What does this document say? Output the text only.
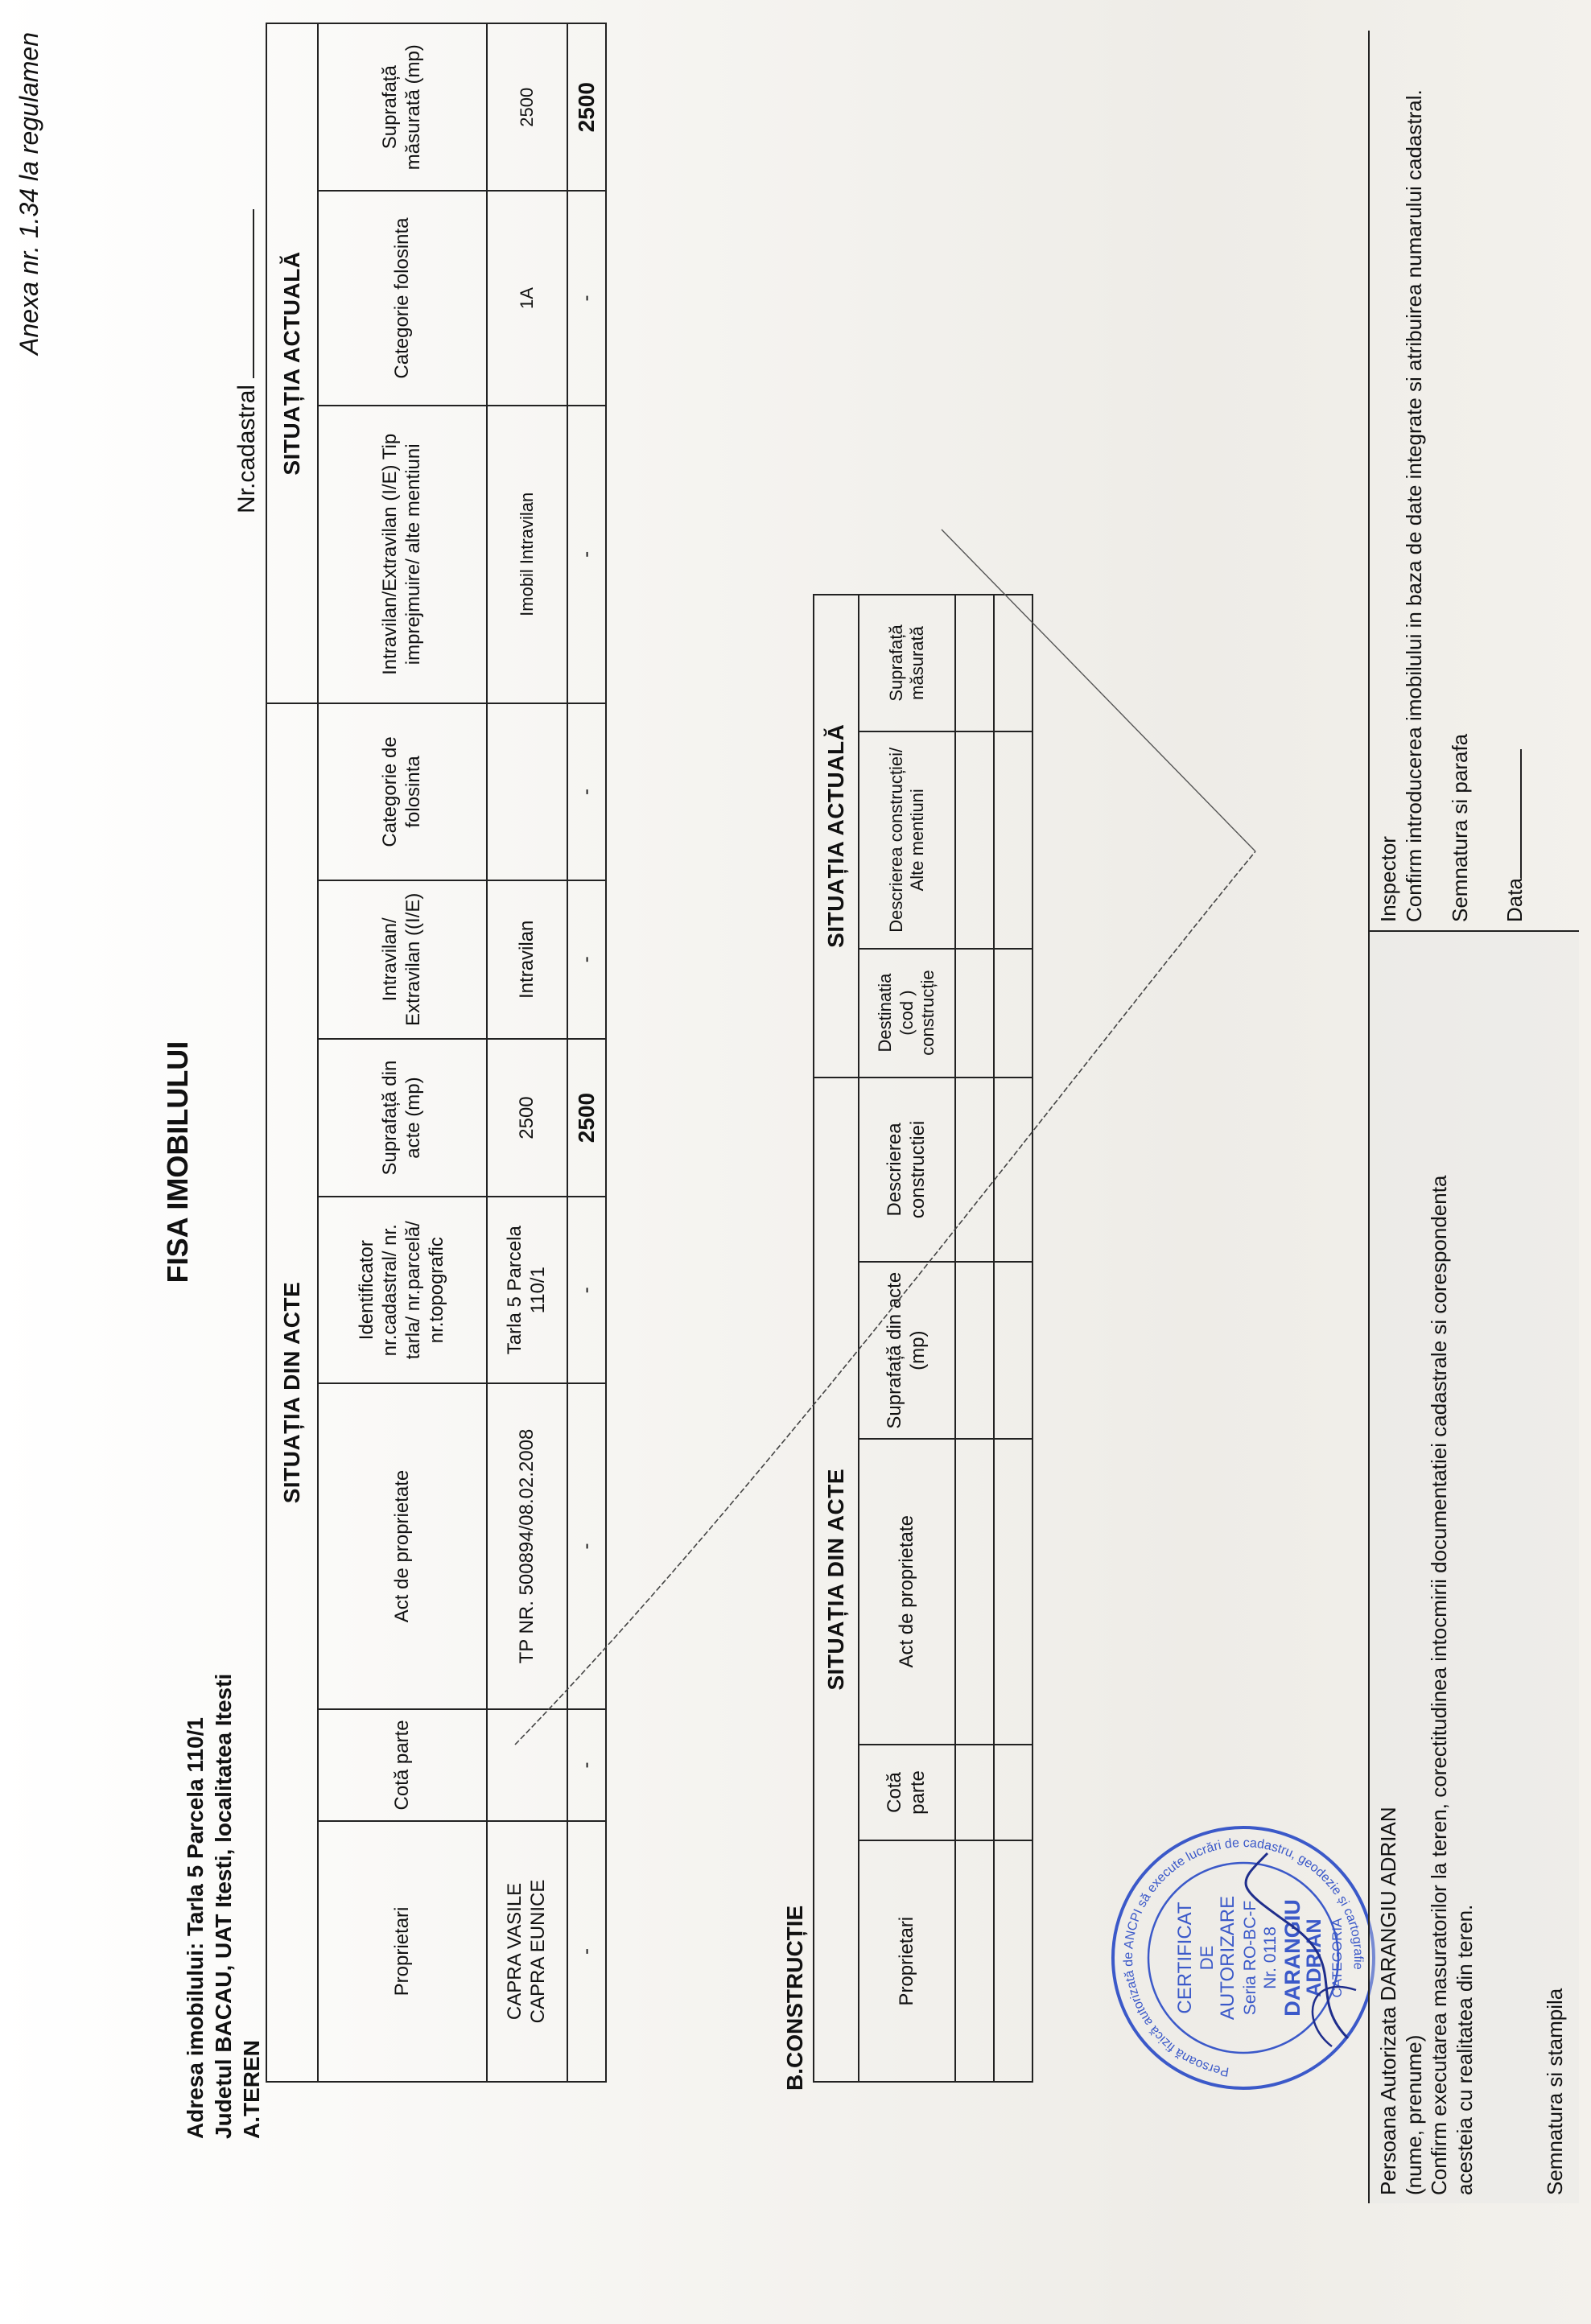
Anexa nr. 1.34 la regulamen
FISA IMOBILULUI
Adresa imobilului: Tarla 5 Parcela 110/1 Judetul BACAU, UAT Itesti, localitatea Itesti A.TEREN
Nr.cadastral
SITUAȚIA DIN ACTE							SITUAȚIA ACTUALĂ		
Proprietari	Cotă parte	Act de proprietate	Identificator nr.cadastral/ nr. tarla/ nr.parcelă/ nr.topografic	Suprafață din acte (mp)	Intravilan/ Extravilan ((I/E)	Categorie de folosinta	Intravilan/Extravilan (I/E) Tip imprejmuire/ alte mentiuni	Categorie folosinta	Suprafață măsurată (mp)
CAPRA VASILE
CAPRA EUNICE		TP NR. 500894/08.02.2008	Tarla 5 Parcela 110/1	2500	Intravilan		Imobil Intravilan	1A	2500
-	-	-	-	2500	-	-	-	-	2500
B.CONSTRUCȚIE
SITUAȚIA DIN ACTE					SITUAȚIA ACTUALĂ		
Proprietari	Cotă parte	Act de proprietate	Suprafață din acte (mp)	Descrierea constructiei	Destinatia (cod ) construcție	Descrierea construcției/ Alte mentiuni	Suprafață măsurată

Persoană fizică autorizată de ANCPI să execute lucrări de cadastru, geodezie și cartografie
CERTIFICAT DE AUTORIZARE Seria RO-BC-F Nr. 0118 DARANGIU
ADRIAN CATEGORIA
Persoana Autorizata DARANGIU ADRIAN
(nume, prenume) Confirm executarea masuratorilor la teren, corectitudinea intocmirii documentatiei cadastrale si corespondenta acesteia cu realitatea din teren.	Semnatura si stampila
Inspector Confirm introducerea imobilului in baza de date integrate si atribuirea numarului cadastral. Semnatura si parafa Data
